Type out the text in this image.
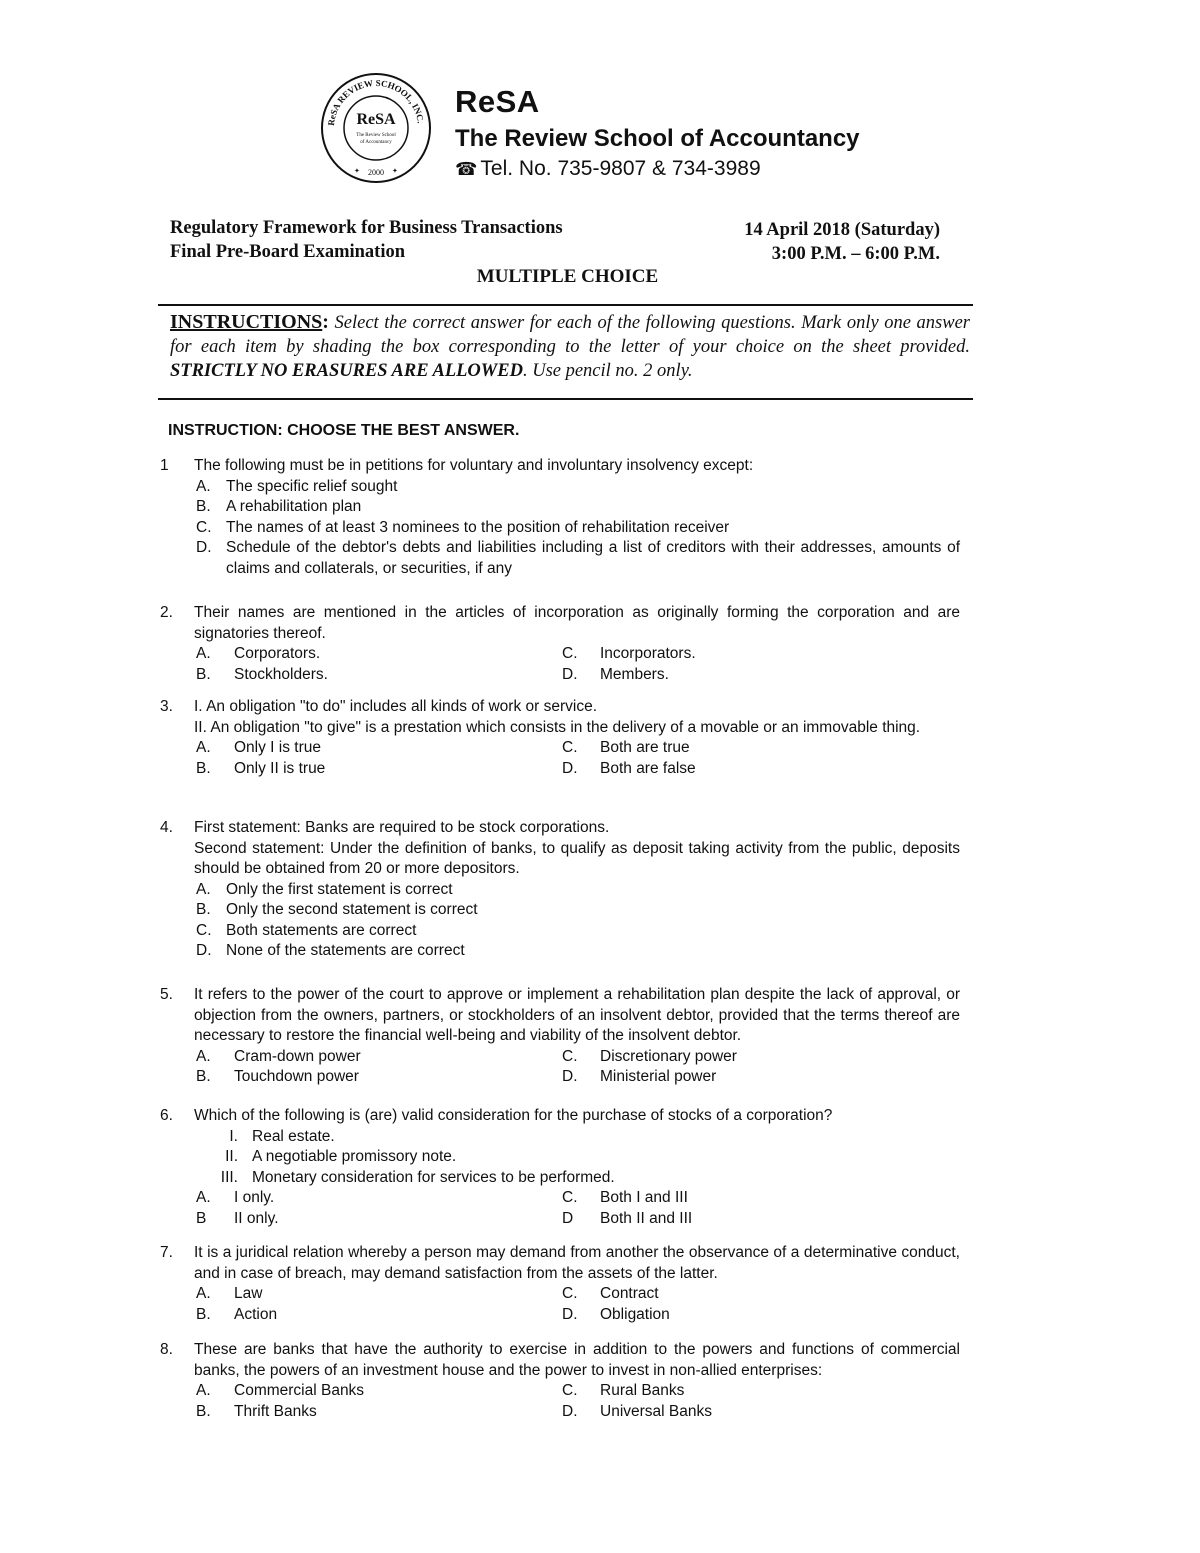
ReSA REVIEW SCHOOL, INC.
ReSA
The Review School
of Accountancy
2000
✦	✦
ReSA
The Review School of Accountancy
☎ Tel. No. 735-9807 & 734-3989
Regulatory Framework for Business Transactions
Final Pre-Board Examination
14 April 2018 (Saturday)
3:00 P.M. – 6:00 P.M.
MULTIPLE CHOICE
INSTRUCTIONS: Select the correct answer for each of the following questions. Mark only one answer for each item by shading the box corresponding to the letter of your choice on the sheet provided. STRICTLY NO ERASURES ARE ALLOWED. Use pencil no. 2 only.
INSTRUCTION: CHOOSE THE BEST ANSWER.
1	The following must be in petitions for voluntary and involuntary insolvency except:
A. The specific relief sought
B. A rehabilitation plan
C. The names of at least 3 nominees to the position of rehabilitation receiver
D. Schedule of the debtor's debts and liabilities including a list of creditors with their addresses, amounts of claims and collaterals, or securities, if any
2.	Their names are mentioned in the articles of incorporation as originally forming the corporation and are signatories thereof.
A. Corporators.	C. Incorporators.
B. Stockholders.	D. Members.
3.	I. An obligation "to do" includes all kinds of work or service.
II. An obligation "to give" is a prestation which consists in the delivery of a movable or an immovable thing.
A. Only I is true	C. Both are true
B. Only II is true	D. Both are false
4.	First statement: Banks are required to be stock corporations.
Second statement: Under the definition of banks, to qualify as deposit taking activity from the public, deposits should be obtained from 20 or more depositors.
A. Only the first statement is correct
B. Only the second statement is correct
C. Both statements are correct
D. None of the statements are correct
5.	It refers to the power of the court to approve or implement a rehabilitation plan despite the lack of approval, or objection from the owners, partners, or stockholders of an insolvent debtor, provided that the terms thereof are necessary to restore the financial well-being and viability of the insolvent debtor.
A. Cram-down power	C. Discretionary power
B. Touchdown power	D. Ministerial power
6.	Which of the following is (are) valid consideration for the purchase of stocks of a corporation?
I. Real estate.
II. A negotiable promissory note.
III. Monetary consideration for services to be performed.
A. I only.	C. Both I and III
B II only.	D Both II and III
7.	It is a juridical relation whereby a person may demand from another the observance of a determinative conduct, and in case of breach, may demand satisfaction from the assets of the latter.
A. Law	C. Contract
B. Action	D. Obligation
8.	These are banks that have the authority to exercise in addition to the powers and functions of commercial banks, the powers of an investment house and the power to invest in non-allied enterprises:
A. Commercial Banks	C. Rural Banks
B. Thrift Banks	D. Universal Banks
